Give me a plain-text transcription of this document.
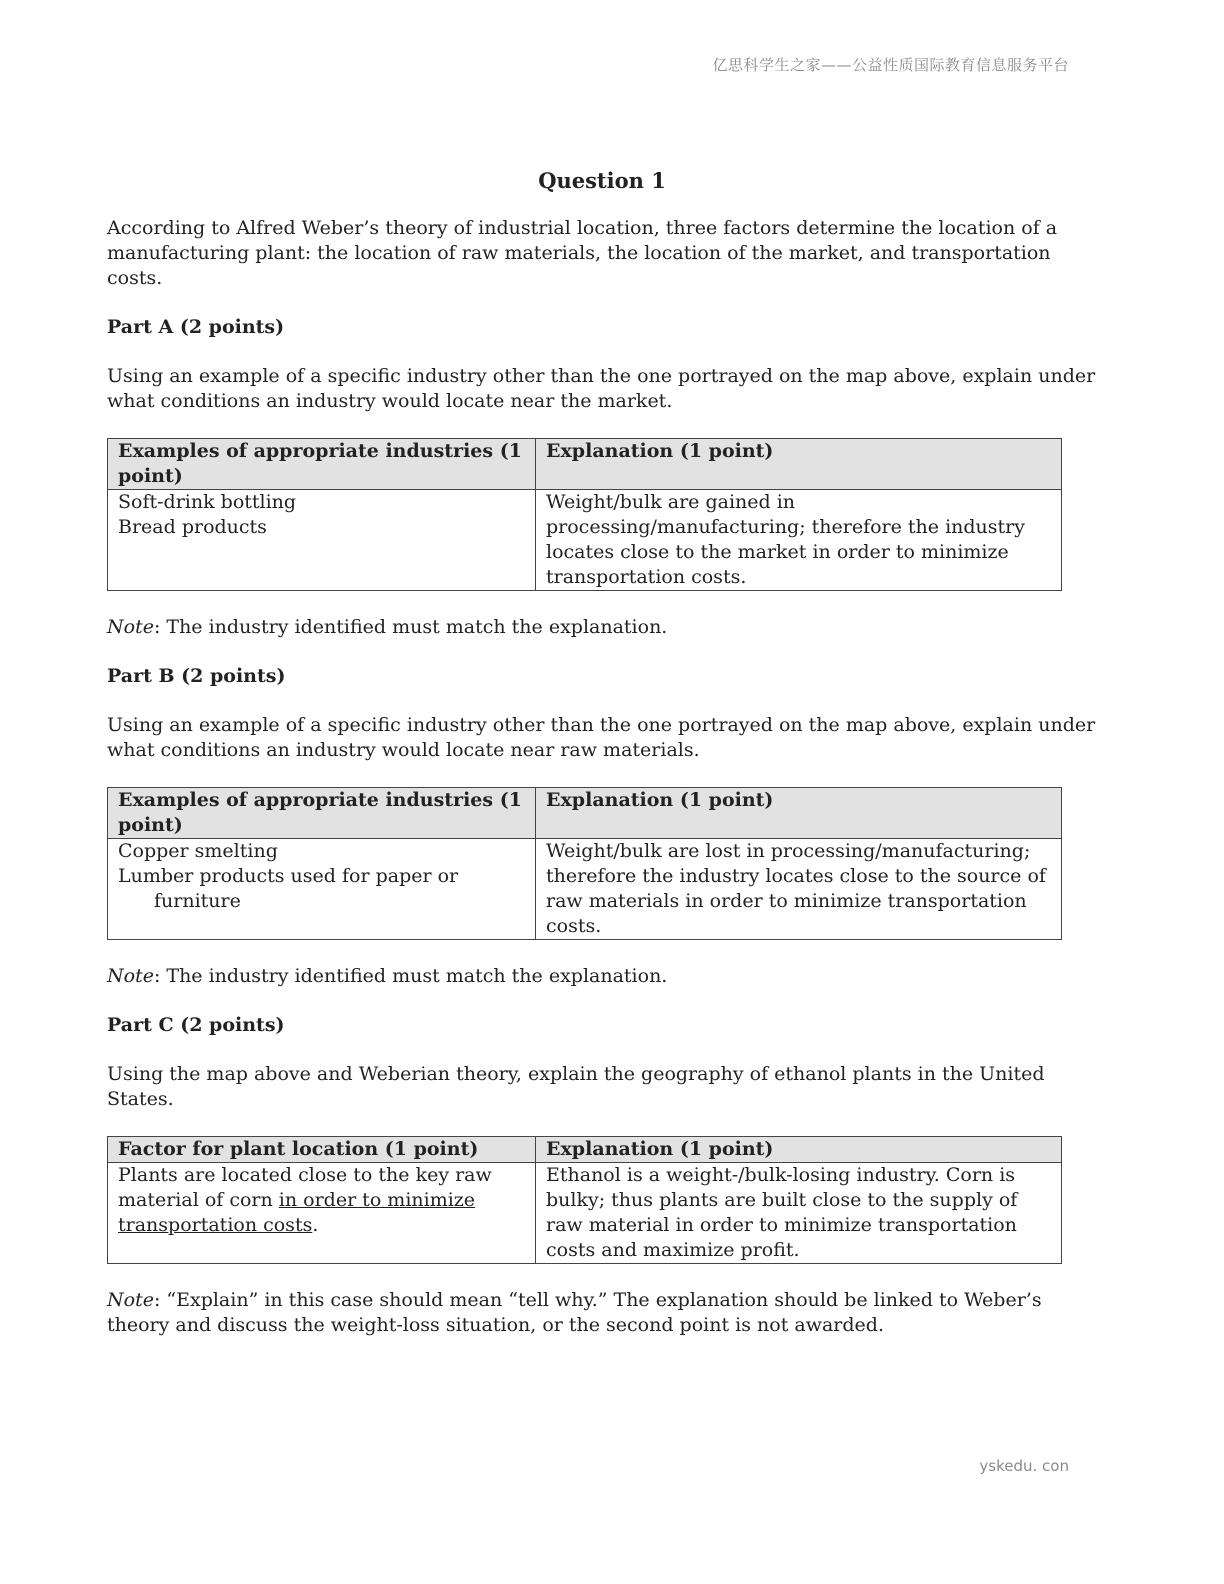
亿思科学生之家——公益性质国际教育信息服务平台
Question 1

According to Alfred Weber’s theory of industrial location, three factors determine the location of a manufacturing plant: the location of raw materials, the location of the market, and transportation costs.

Part A (2 points)

Using an example of a specific industry other than the one portrayed on the map above, explain under what conditions an industry would locate near the market.

Examples of appropriate industries (1 point)	Explanation (1 point)

Soft-drink bottling
Bread products	Weight/bulk are gained in processing/manufacturing; therefore the industry locates close to the market in order to minimize transportation costs.

Note: The industry identified must match the explanation.

Part B (2 points)

Using an example of a specific industry other than the one portrayed on the map above, explain under what conditions an industry would locate near raw materials.

Examples of appropriate industries (1 point)	Explanation (1 point)

Copper smelting
Lumber products used for paper or
furniture	Weight/bulk are lost in processing/manufacturing; therefore the industry locates close to the source of raw materials in order to minimize transportation costs.

Note: The industry identified must match the explanation.

Part C (2 points)

Using the map above and Weberian theory, explain the geography of ethanol plants in the United States.

Factor for plant location (1 point)	Explanation (1 point)
Plants are located close to the key raw material of corn in order to minimize transportation costs.	Ethanol is a weight-/bulk-losing industry. Corn is bulky; thus plants are built close to the supply of raw material in order to minimize transportation costs and maximize profit.

Note: “Explain” in this case should mean “tell why.” The explanation should be linked to Weber’s theory and discuss the weight-loss situation, or the second point is not awarded.

yskedu. con
